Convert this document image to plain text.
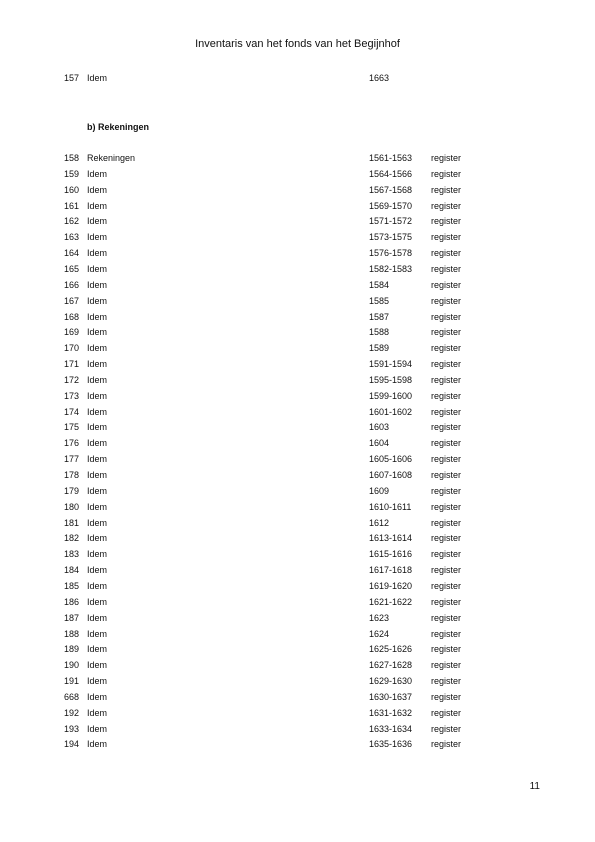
Inventaris van het fonds van het Begijnhof
157 Idem	1663
b) Rekeningen
158 Rekeningen	1561-1563 register
159 Idem	1564-1566 register
160 Idem	1567-1568 register
161 Idem	1569-1570 register
162 Idem	1571-1572 register
163 Idem	1573-1575 register
164 Idem	1576-1578 register
165 Idem	1582-1583 register
166 Idem	1584	register
167 Idem	1585	register
168 Idem	1587	register
169 Idem	1588	register
170 Idem	1589	register
171 Idem	1591-1594 register
172 Idem	1595-1598 register
173 Idem	1599-1600 register
174 Idem	1601-1602 register
175 Idem	1603	register
176 Idem	1604	register
177 Idem	1605-1606 register
178 Idem	1607-1608 register
179 Idem	1609	register
180 Idem	1610-1611 register
181 Idem	1612	register
182 Idem	1613-1614 register
183 Idem	1615-1616 register
184 Idem	1617-1618 register
185 Idem	1619-1620 register
186 Idem	1621-1622 register
187 Idem	1623	register
188 Idem	1624	register
189 Idem	1625-1626 register
190 Idem	1627-1628 register
191 Idem	1629-1630 register
668 Idem	1630-1637 register
192 Idem	1631-1632 register
193 Idem	1633-1634 register
194 Idem	1635-1636 register
11
